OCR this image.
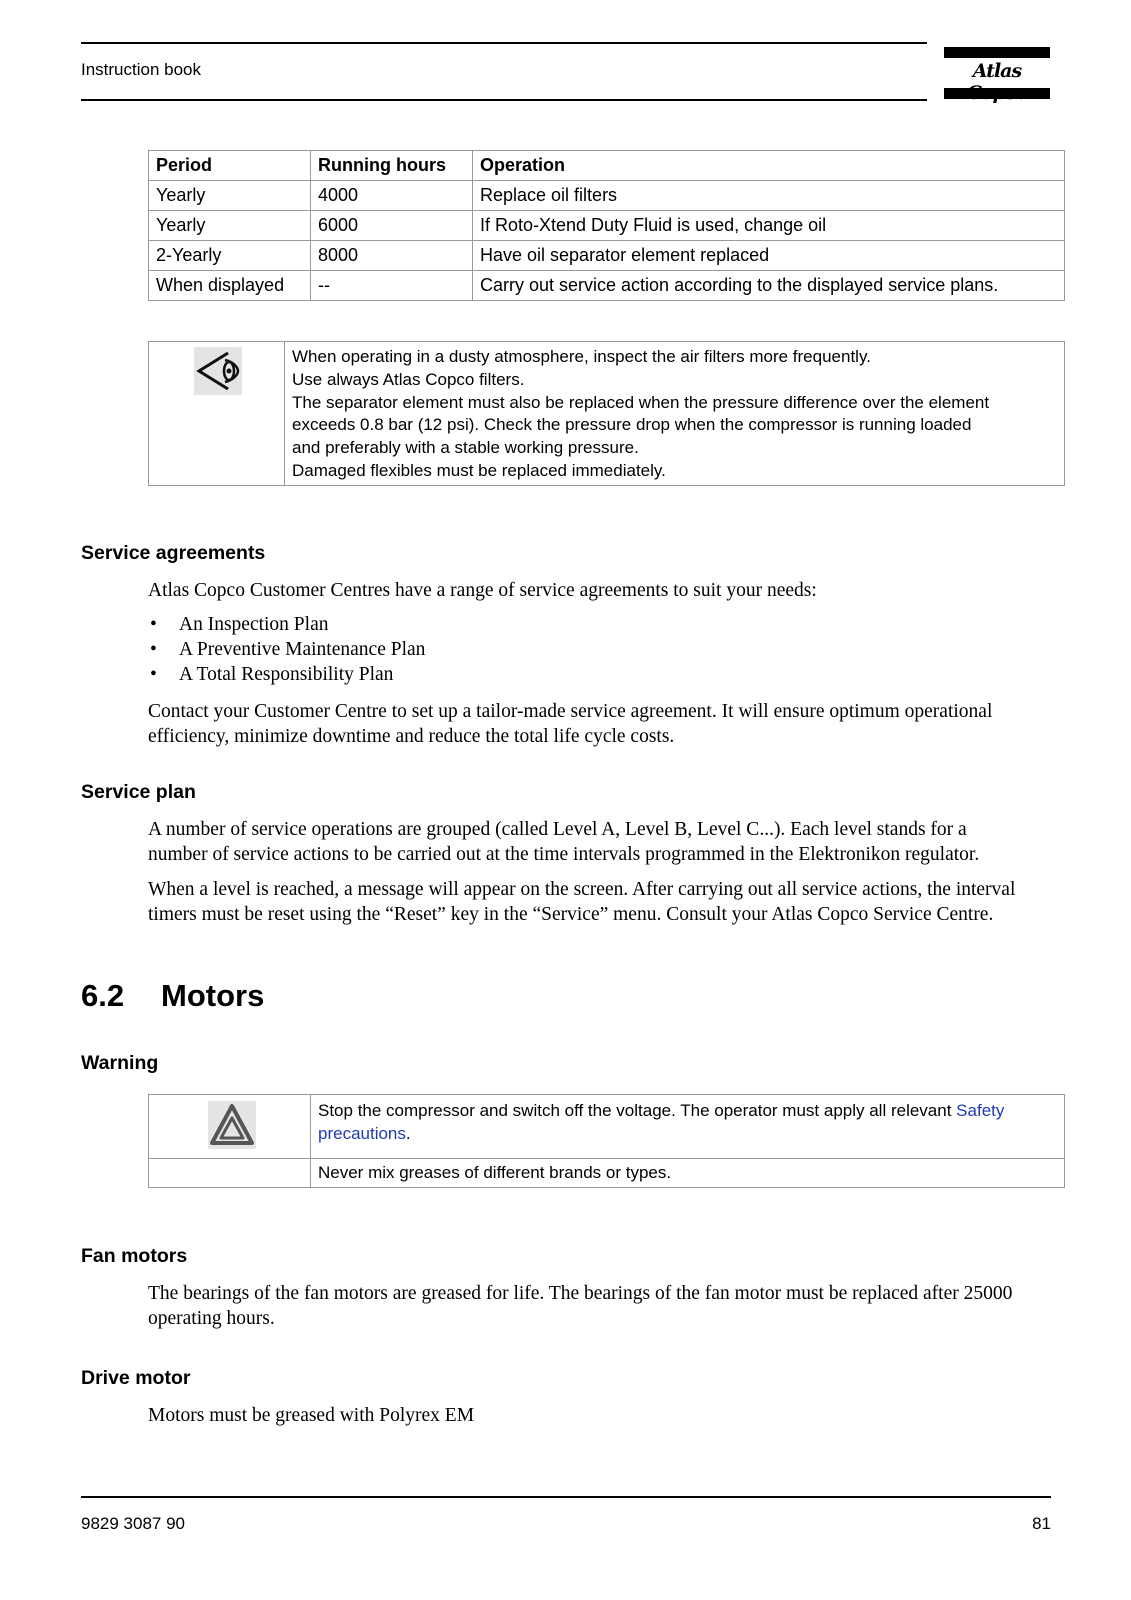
Instruction book	Atlas
Period	Running hours	Operation
Yearly	4000	Replace oil filters
Yearly	6000	If Roto-Xtend Duty Fluid is used, change oil
2-Yearly	8000	Have oil separator element replaced
When displayed	--	Carry out service action according to the displayed service plans.
When operating in a dusty atmosphere, inspect the air filters more frequently.
Use always Atlas Copco filters.
The separator element must also be replaced when the pressure difference over the element
exceeds 0.8 bar (12 psi). Check the pressure drop when the compressor is running loaded
and preferably with a stable working pressure.
Damaged flexibles must be replaced immediately.
Service agreements
Atlas Copco Customer Centres have a range of service agreements to suit your needs:
• An Inspection Plan
• A Preventive Maintenance Plan
• A Total Responsibility Plan
Contact your Customer Centre to set up a tailor-made service agreement. It will ensure optimum operational
efficiency, minimize downtime and reduce the total life cycle costs.
Service plan
A number of service operations are grouped (called Level A, Level B, Level C...). Each level stands for a
number of service actions to be carried out at the time intervals programmed in the Elektronikon regulator.
When a level is reached, a message will appear on the screen. After carrying out all service actions, the interval
timers must be reset using the “Reset” key in the “Service” menu. Consult your Atlas Copco Service Centre.
6.2 Motors
Warning
Stop the compressor and switch off the voltage. The operator must apply all relevant Safety
precautions.
Never mix greases of different brands or types.
Fan motors
The bearings of the fan motors are greased for life. The bearings of the fan motor must be replaced after 25000
operating hours.
Drive motor
Motors must be greased with Polyrex EM
9829 3087 90	81
